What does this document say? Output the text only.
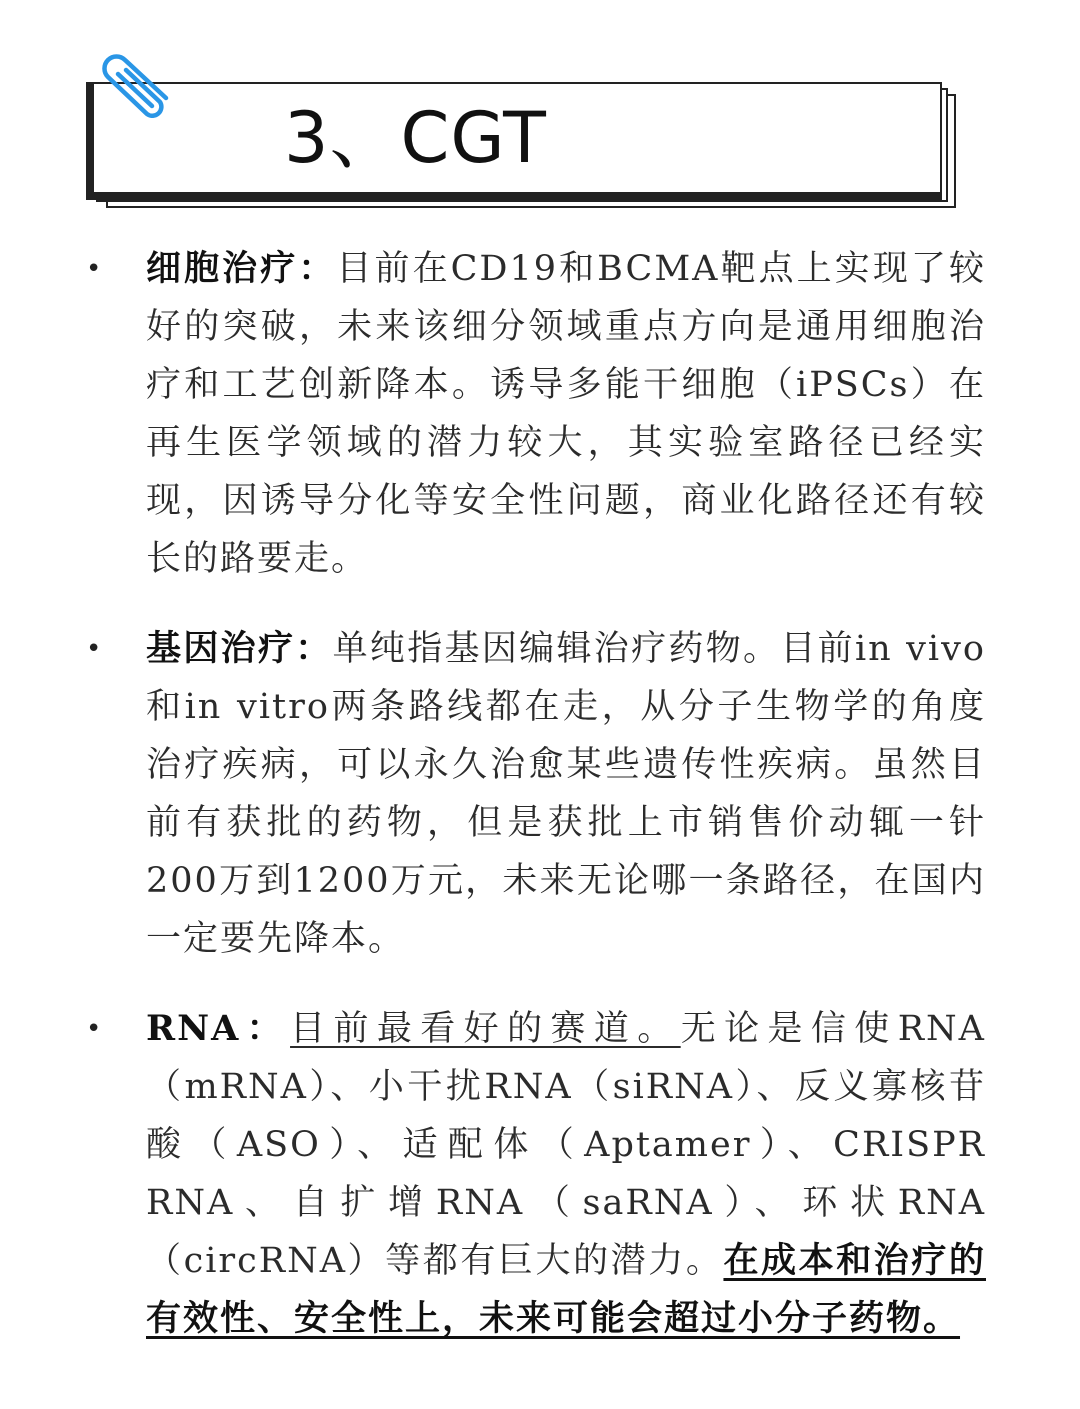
3、CGT
• 细胞治疗：目前在CD19和BCMA靶点上实现了较好的突破，未来该细分领域重点方向是通用细胞治疗和工艺创新降本。诱导多能干细胞（iPSCs）在再生医学领域的潜力较大，其实验室路径已经实现，因诱导分化等安全性问题，商业化路径还有较长的路要走。

• 基因治疗：单纯指基因编辑治疗药物。目前in vivo和in vitro两条路线都在走，从分子生物学的角度治疗疾病，可以永久治愈某些遗传性疾病。虽然目前有获批的药物，但是获批上市销售价动辄一针200万到1200万元，未来无论哪一条路径，在国内一定要先降本。

• RNA：目前最看好的赛道。无论是信使RNA（mRNA）、小干扰RNA（siRNA）、反义寡核苷酸（ASO）、适配体（Aptamer）、CRISPR RNA、自扩增RNA（saRNA）、环状RNA（circRNA）等都有巨大的潜力。在成本和治疗的有效性、安全性上，未来可能会超过小分子药物。
